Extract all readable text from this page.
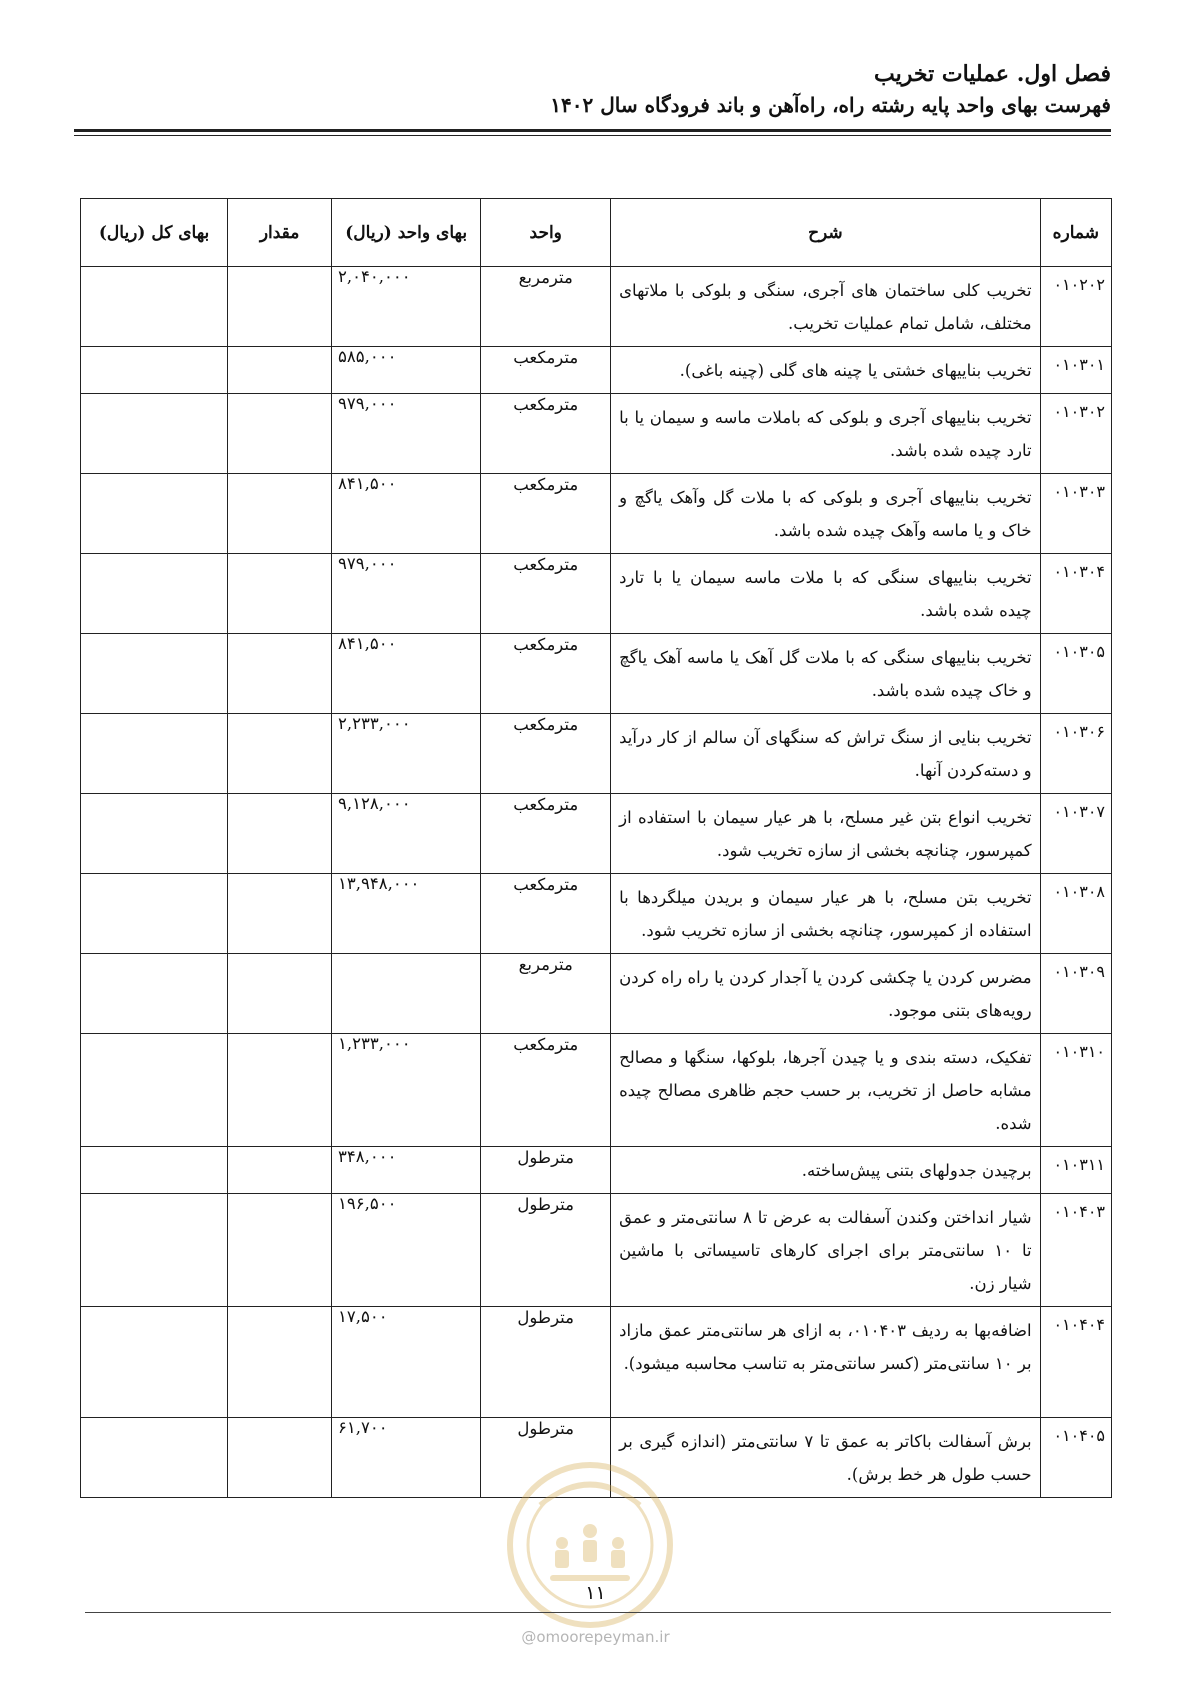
فصل اول. عملیات تخریب
فهرست بهای واحد پایه رشته راه، راه‌آهن و باند فرودگاه سال ۱۴۰۲
شماره	شرح	واحد	بهای واحد (ریال)	مقدار	بهای کل (ریال)
۰۱۰۲۰۲	تخریب کلی ساختمان های آجری، سنگی و بلوکی با ملاتهای مختلف، شامل تمام عملیات تخریب.	مترمربع	۲,۰۴۰,۰۰۰		
۰۱۰۳۰۱	تخریب بناییهای خشتی یا چینه های گلی (چینه باغی).	مترمکعب	۵۸۵,۰۰۰		
۰۱۰۳۰۲	تخریب بناییهای آجری و بلوکی که باملات ماسه و سیمان یا با تارد چیده شده باشد.	مترمکعب	۹۷۹,۰۰۰		
۰۱۰۳۰۳	تخریب بناییهای آجری و بلوکی که با ملات گل وآهک یاگچ و خاک و یا ماسه وآهک چیده شده باشد.	مترمکعب	۸۴۱,۵۰۰		
۰۱۰۳۰۴	تخریب بناییهای سنگی که با ملات ماسه سیمان یا با تارد چیده شده باشد.	مترمکعب	۹۷۹,۰۰۰		
۰۱۰۳۰۵	تخریب بناییهای سنگی که با ملات گل آهک یا ماسه آهک یاگچ و خاک چیده شده باشد.	مترمکعب	۸۴۱,۵۰۰		
۰۱۰۳۰۶	تخریب بنایی از سنگ تراش که سنگهای آن سالم از کار درآید و دسته‌کردن آنها.	مترمکعب	۲,۲۳۳,۰۰۰		
۰۱۰۳۰۷	تخریب انواع بتن غیر مسلح، با هر عیار سیمان با استفاده از کمپرسور، چنانچه بخشی از سازه تخریب شود.	مترمکعب	۹,۱۲۸,۰۰۰		
۰۱۰۳۰۸	تخریب بتن مسلح، با هر عیار سیمان و بریدن میلگردها با استفاده از کمپرسور، چنانچه بخشی از سازه تخریب شود.	مترمکعب	۱۳,۹۴۸,۰۰۰		
۰۱۰۳۰۹	مضرس کردن یا چکشی کردن یا آجدار کردن یا راه راه کردن رویه‌های بتنی موجود.	مترمربع			
۰۱۰۳۱۰	تفکیک، دسته بندی و یا چیدن آجرها، بلوکها، سنگها و مصالح مشابه حاصل از تخریب، بر حسب حجم ظاهری مصالح چیده شده.	مترمکعب	۱,۲۳۳,۰۰۰		
۰۱۰۳۱۱	برچیدن جدولهای بتنی پیش‌ساخته.	مترطول	۳۴۸,۰۰۰		
۰۱۰۴۰۳	شیار انداختن وکندن آسفالت به عرض تا ۸ سانتی‌متر و عمق تا ۱۰ سانتی‌متر برای اجرای کارهای تاسیساتی با ماشین شیار زن.	مترطول	۱۹۶,۵۰۰		
۰۱۰۴۰۴	اضافه‌بها به ردیف ۰۱۰۴۰۳، به ازای هر سانتی‌متر عمق مازاد بر ۱۰ سانتی‌متر (کسر سانتی‌متر به تناسب محاسبه میشود).	مترطول	۱۷,۵۰۰		
۰۱۰۴۰۵	برش آسفالت باکاتر به عمق تا ۷ سانتی‌متر (اندازه گیری بر حسب طول هر خط برش).	مترطول	۶۱,۷۰۰		
۱۱
@omoorepeyman.ir
